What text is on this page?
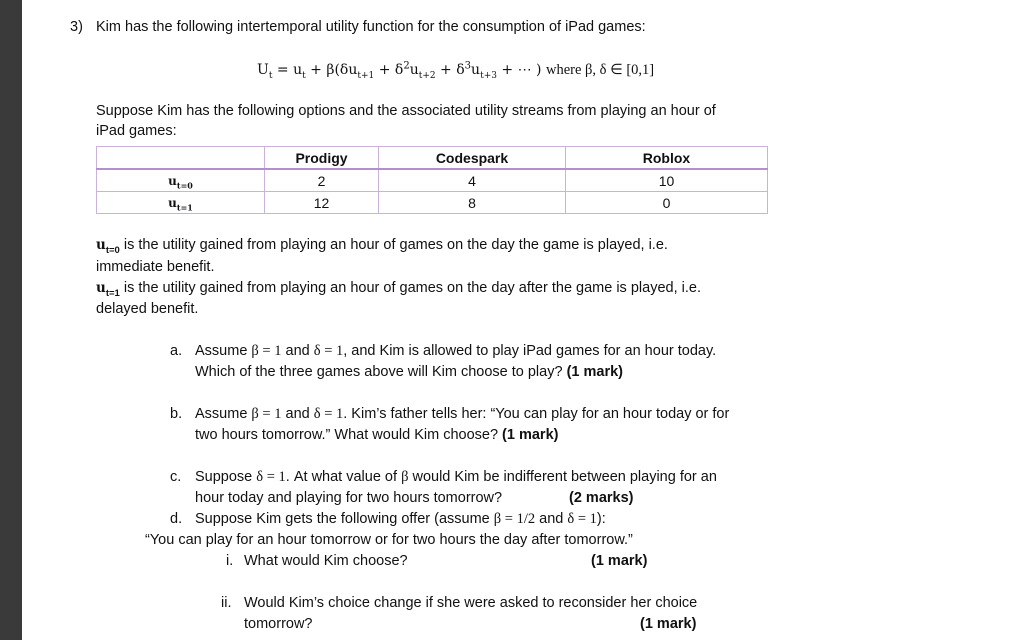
3) Kim has the following intertemporal utility function for the consumption of iPad games:
$U_t = u_t + \beta(\delta u_{t+1} + \delta^2u_{t+2} + \delta^3u_{t+3}$ + ⋯ ) where β, δ ∈ [0,1]
Suppose Kim has the following options and the associated utility streams from playing an hour of
iPad games:
	Prodigy	Codespark	Roblox
$u_{t=0}$	2	4	10
$u_{t=1}$	12	8	0
$u_{t=0}$ is the utility gained from playing an hour of games on the day the game is played, i.e.
immediate benefit.
$u_{t=1}$ is the utility gained from playing an hour of games on the day after the game is played, i.e.
delayed benefit.
a. Assume β = 1 and δ = 1, and Kim is allowed to play iPad games for an hour today.
Which of the three games above will Kim choose to play? (1 mark)
b. Assume β = 1 and δ = 1. Kim’s father tells her: “You can play for an hour today or for
two hours tomorrow.” What would Kim choose? (1 mark)
c. Suppose δ = 1. At what value of β would Kim be indifferent between playing for an
hour today and playing for two hours tomorrow?	(2 marks)
d. Suppose Kim gets the following offer (assume β = 1/2 and δ = 1):
“You can play for an hour tomorrow or for two hours the day after tomorrow.”
i. What would Kim choose?	(1 mark)
ii. Would Kim’s choice change if she were asked to reconsider her choice
tomorrow?	(1 mark)
